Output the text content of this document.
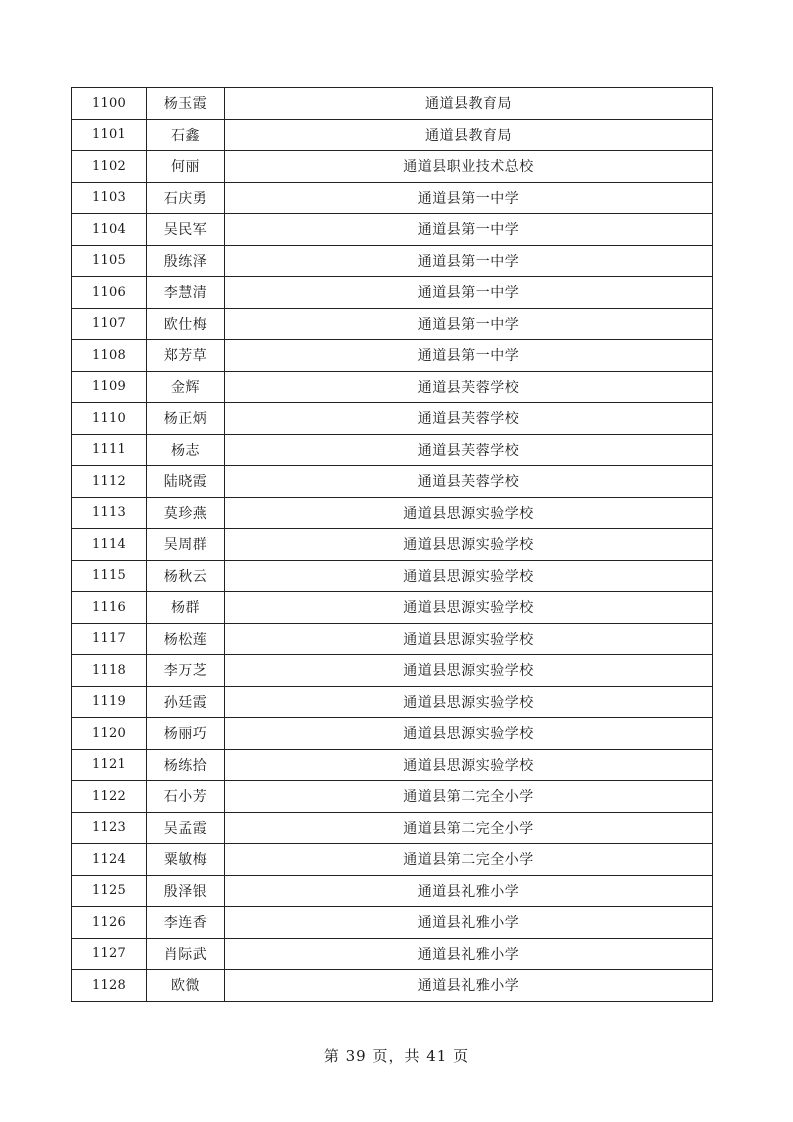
1100	杨玉霞	通道县教育局
1101	石鑫	通道县教育局
1102	何丽	通道县职业技术总校
1103	石庆勇	通道县第一中学
1104	吴民军	通道县第一中学
1105	殷练泽	通道县第一中学
1106	李慧清	通道县第一中学
1107	欧仕梅	通道县第一中学
1108	郑芳草	通道县第一中学
1109	金辉	通道县芙蓉学校
1110	杨正炳	通道县芙蓉学校
1111	杨志	通道县芙蓉学校
1112	陆晓霞	通道县芙蓉学校
1113	莫珍燕	通道县思源实验学校
1114	吴周群	通道县思源实验学校
1115	杨秋云	通道县思源实验学校
1116	杨群	通道县思源实验学校
1117	杨松莲	通道县思源实验学校
1118	李万芝	通道县思源实验学校
1119	孙廷霞	通道县思源实验学校
1120	杨丽巧	通道县思源实验学校
1121	杨练拾	通道县思源实验学校
1122	石小芳	通道县第二完全小学
1123	吴孟霞	通道县第二完全小学
1124	粟敏梅	通道县第二完全小学
1125	殷泽银	通道县礼雅小学
1126	李连香	通道县礼雅小学
1127	肖际武	通道县礼雅小学
1128	欧微	通道县礼雅小学
第 39 页，共 41 页
